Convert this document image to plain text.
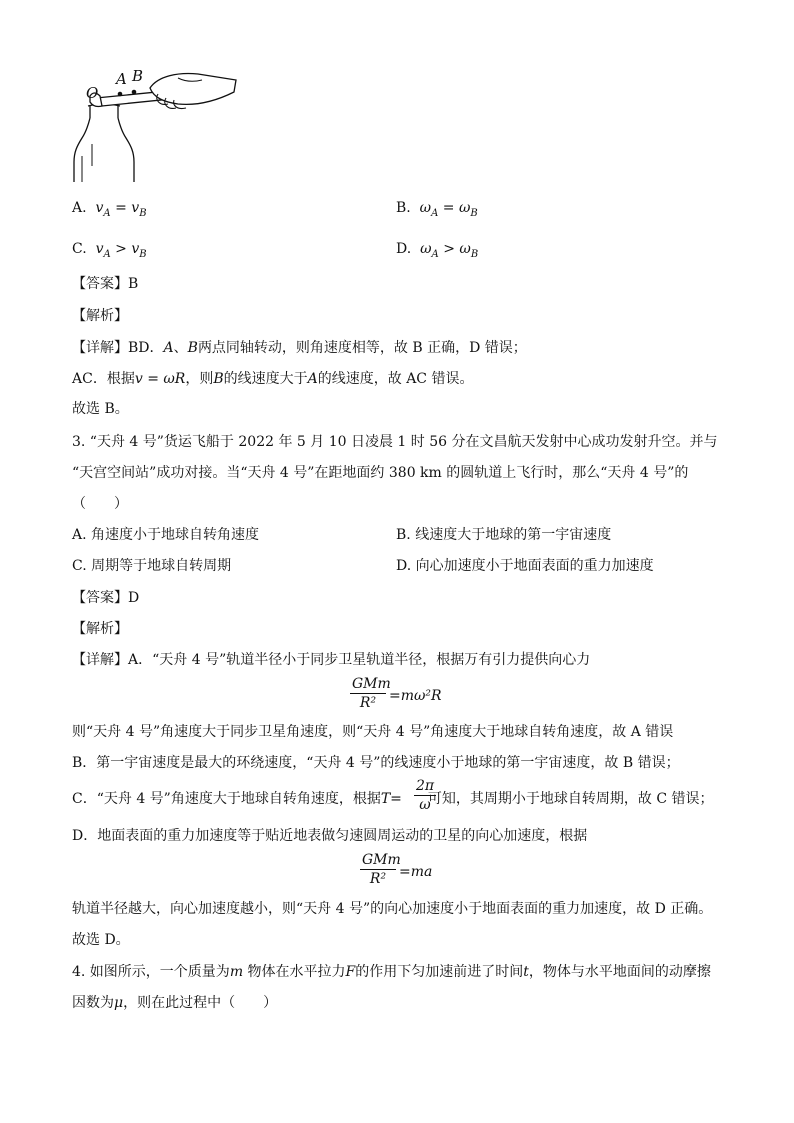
O
A B
A. $v_A = v_B$	B. $\omega_A = \omega_B$
C. $v_A > v_B$	D. $\omega_A > \omega_B$
【答案】B
【解析】
【详解】BD．A、B两点同轴转动，则角速度相等，故 B 正确，D 错误；
AC．根据v = ωR，则B的线速度大于A的线速度，故 AC 错误。
故选 B。
3. “天舟 4 号”货运飞船于 2022 年 5 月 10 日凌晨 1 时 56 分在文昌航天发射中心成功发射升空。并与
“天宫空间站”成功对接。当“天舟 4 号”在距地面约 380 km 的圆轨道上飞行时，那么“天舟 4 号”的
（　　）
A. 角速度小于地球自转角速度	B. 线速度大于地球的第一宇宙速度
C. 周期等于地球自转周期	D. 向心加速度小于地面表面的重力加速度
【答案】D
【解析】
【详解】A．“天舟 4 号”轨道半径小于同步卫星轨道半径，根据万有引力提供向心力
GMm
R² =mω²R
则“天舟 4 号”角速度大于同步卫星角速度，则“天舟 4 号”角速度大于地球自转角速度，故 A 错误
B．第一宇宙速度是最大的环绕速度，“天舟 4 号”的线速度小于地球的第一宇宙速度，故 B 错误；
C．“天舟 4 号”角速度大于地球自转角速度，根据T= 可知，其周期小于地球自转周期，故 C 错误；
2π
ω
D．地面表面的重力加速度等于贴近地表做匀速圆周运动的卫星的向心加速度，根据
GMm
R² =ma
轨道半径越大，向心加速度越小，则“天舟 4 号”的向心加速度小于地面表面的重力加速度，故 D 正确。
故选 D。
4. 如图所示，一个质量为m 物体在水平拉力F的作用下匀加速前进了时间t，物体与水平地面间的动摩擦
因数为μ，则在此过程中（　　）
